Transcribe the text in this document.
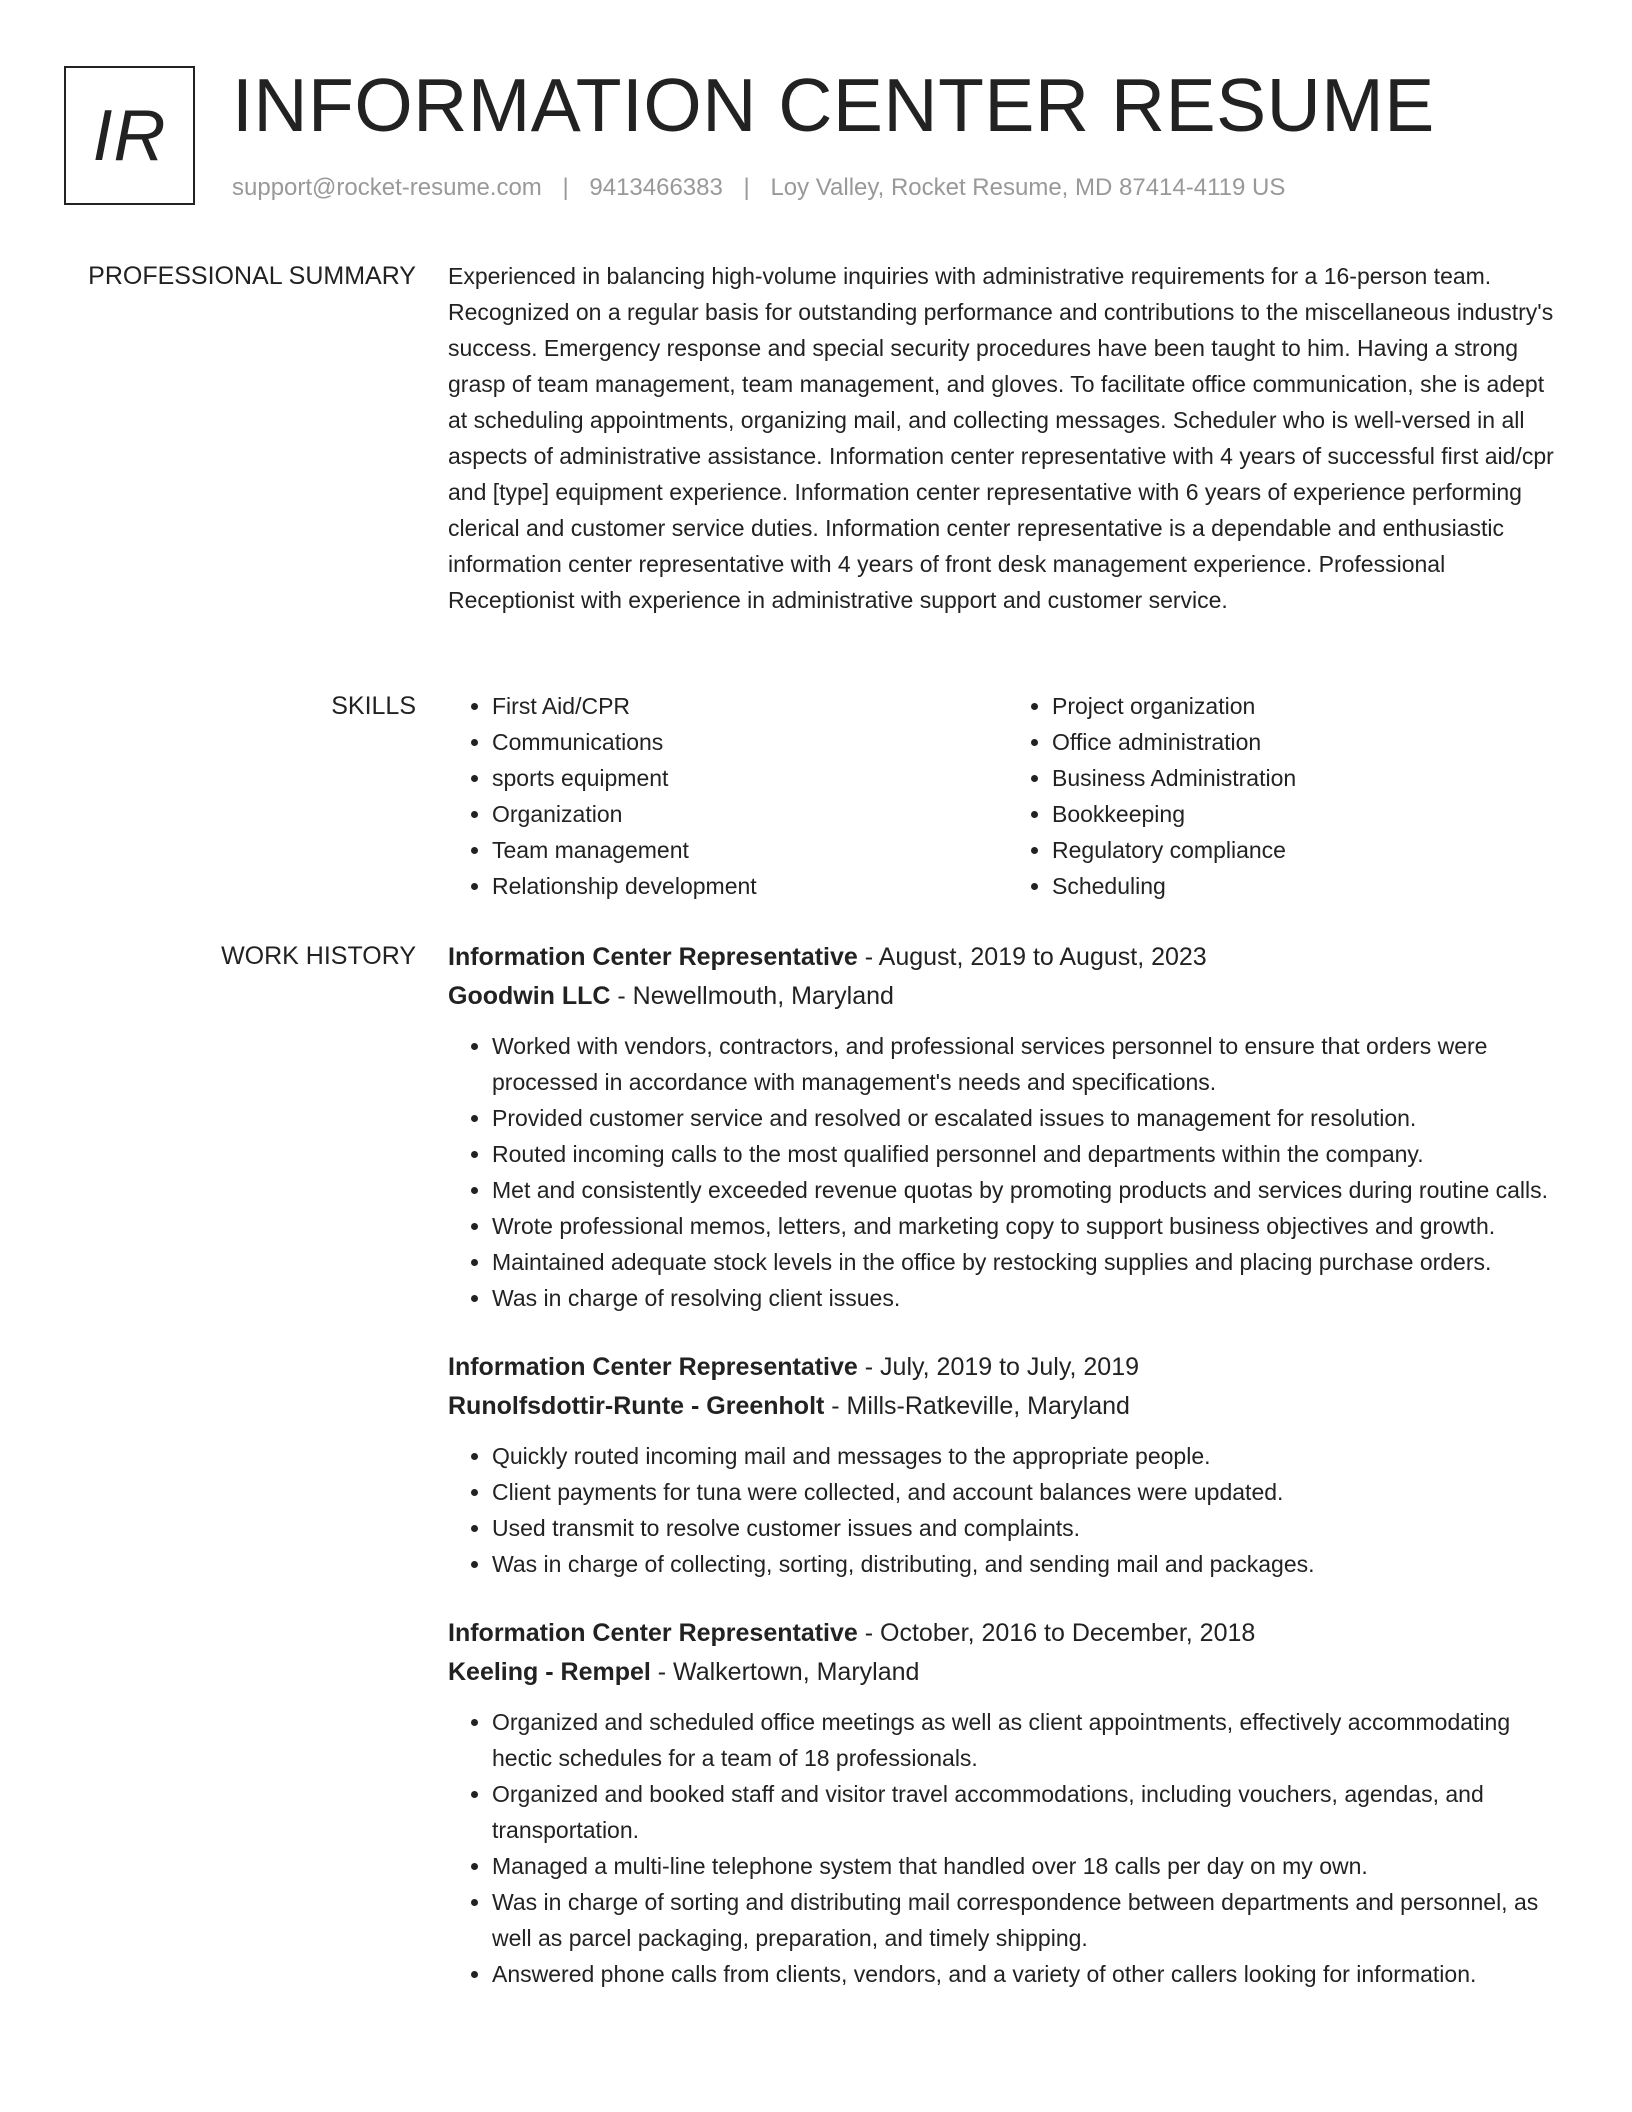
IR INFORMATION CENTER RESUME
support@rocket-resume.com | 9413466383 | Loy Valley, Rocket Resume, MD 87414-4119 US
PROFESSIONAL SUMMARY Experienced in balancing high-volume inquiries with administrative requirements for a 16-person team. Recognized on a regular basis for outstanding performance and contributions to the miscellaneous industry's success. Emergency response and special security procedures have been taught to him. Having a strong grasp of team management, team management, and gloves. To facilitate office communication, she is adept at scheduling appointments, organizing mail, and collecting messages. Scheduler who is well-versed in all aspects of administrative assistance. Information center representative with 4 years of successful first aid/cpr and [type] equipment experience. Information center representative with 6 years of experience performing clerical and customer service duties. Information center representative is a dependable and enthusiastic information center representative with 4 years of front desk management experience. Professional Receptionist with experience in administrative support and customer service.

SKILLS
•	First Aid/CPR
• Communications
• sports equipment
• Organization
• Team management
• Relationship development
• Project organization
• Office administration
• Business Administration
• Bookkeeping
• Regulatory compliance
• Scheduling
WORK HISTORY Information Center Representative - August, 2019 to August, 2023
Goodwin LLC - Newellmouth, Maryland
• Worked with vendors, contractors, and professional services personnel to ensure that orders were processed in accordance with management's needs and specifications.
• Provided customer service and resolved or escalated issues to management for resolution.
• Routed incoming calls to the most qualified personnel and departments within the company.
• Met and consistently exceeded revenue quotas by promoting products and services during routine calls.
• Wrote professional memos, letters, and marketing copy to support business objectives and growth.
• Maintained adequate stock levels in the office by restocking supplies and placing purchase orders.
• Was in charge of resolving client issues.
Information Center Representative - July, 2019 to July, 2019
Runolfsdottir-Runte - Greenholt - Mills-Ratkeville, Maryland
• Quickly routed incoming mail and messages to the appropriate people.
• Client payments for tuna were collected, and account balances were updated.
• Used transmit to resolve customer issues and complaints.
• Was in charge of collecting, sorting, distributing, and sending mail and packages.
Information Center Representative - October, 2016 to December, 2018
Keeling - Rempel - Walkertown, Maryland
• Organized and scheduled office meetings as well as client appointments, effectively accommodating hectic schedules for a team of 18 professionals.
• Organized and booked staff and visitor travel accommodations, including vouchers, agendas, and transportation.
• Managed a multi-line telephone system that handled over 18 calls per day on my own.
• Was in charge of sorting and distributing mail correspondence between departments and personnel, as well as parcel packaging, preparation, and timely shipping.
• Answered phone calls from clients, vendors, and a variety of other callers looking for information.
